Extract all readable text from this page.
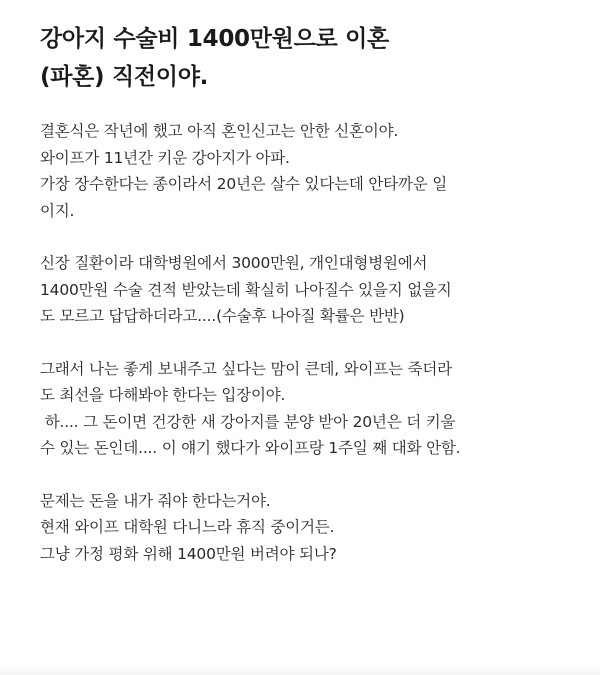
강아지 수술비 1400만원으로 이혼
(파혼) 직전이야.

결혼식은 작년에 했고 아직 혼인신고는 안한 신혼이야.
와이프가 11년간 키운 강아지가 아파.
가장 장수한다는 종이라서 20년은 살수 있다는데 안타까운 일
이지.

신장 질환이라 대학병원에서 3000만원, 개인대형병원에서
1400만원 수술 견적 받았는데 확실히 나아질수 있을지 없을지
도 모르고 답답하더라고....(수술후 나아질 확률은 반반)

그래서 나는 좋게 보내주고 싶다는 맘이 큰데, 와이프는 죽더라
도 최선을 다해봐야 한다는 입장이야.
하.... 그 돈이면 건강한 새 강아지를 분양 받아 20년은 더 키울
수 있는 돈인데.... 이 얘기 했다가 와이프랑 1주일 째 대화 안함.

문제는 돈을 내가 줘야 한다는거야.
현재 와이프 대학원 다니느라 휴직 중이거든.
그냥 가정 평화 위해 1400만원 버려야 되나?
